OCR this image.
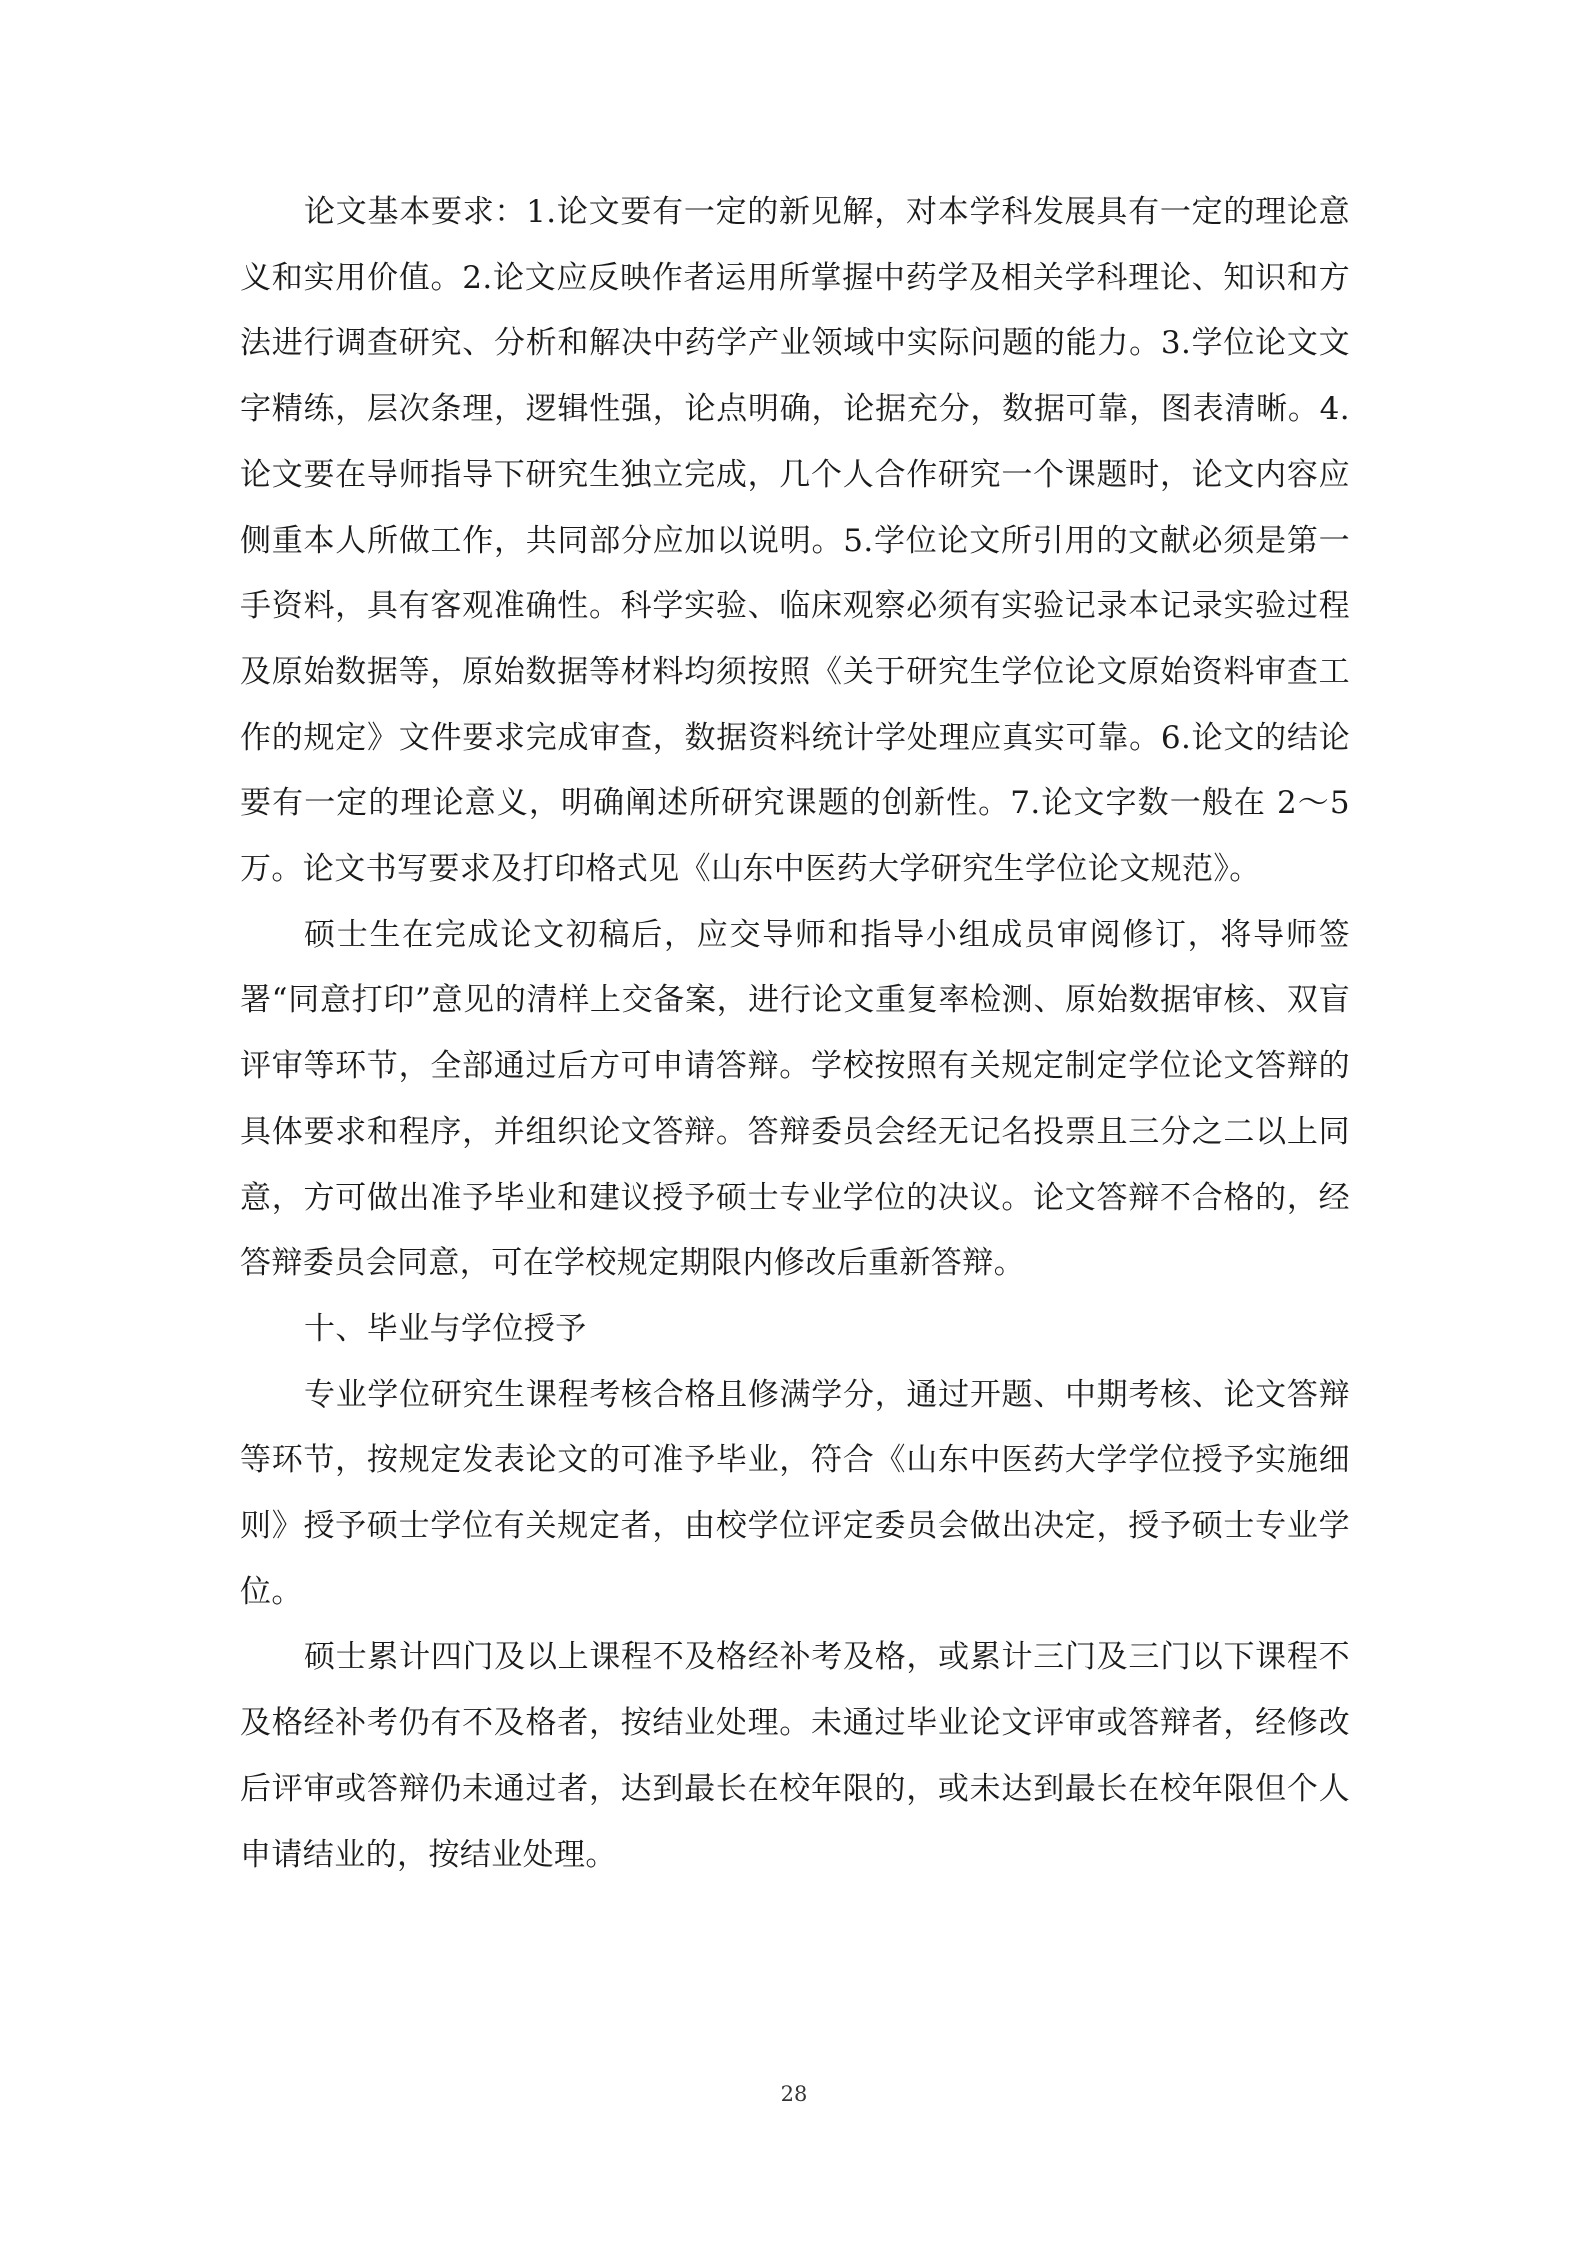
论文基本要求：1.论文要有一定的新见解，对本学科发展具有一定的理论意义和实用价值。2.论文应反映作者运用所掌握中药学及相关学科理论、知识和方法进行调查研究、分析和解决中药学产业领域中实际问题的能力。3.学位论文文字精练，层次条理，逻辑性强，论点明确，论据充分，数据可靠，图表清晰。4.论文要在导师指导下研究生独立完成，几个人合作研究一个课题时，论文内容应侧重本人所做工作，共同部分应加以说明。5.学位论文所引用的文献必须是第一手资料，具有客观准确性。科学实验、临床观察必须有实验记录本记录实验过程及原始数据等，原始数据等材料均须按照《关于研究生学位论文原始资料审查工作的规定》文件要求完成审查，数据资料统计学处理应真实可靠。6.论文的结论要有一定的理论意义，明确阐述所研究课题的创新性。7.论文字数一般在 2～5 万。论文书写要求及打印格式见《山东中医药大学研究生学位论文规范》。

硕士生在完成论文初稿后，应交导师和指导小组成员审阅修订，将导师签署“同意打印”意见的清样上交备案，进行论文重复率检测、原始数据审核、双盲评审等环节，全部通过后方可申请答辩。学校按照有关规定制定学位论文答辩的具体要求和程序，并组织论文答辩。答辩委员会经无记名投票且三分之二以上同意，方可做出准予毕业和建议授予硕士专业学位的决议。论文答辩不合格的，经答辩委员会同意，可在学校规定期限内修改后重新答辩。

十、毕业与学位授予

专业学位研究生课程考核合格且修满学分，通过开题、中期考核、论文答辩等环节，按规定发表论文的可准予毕业，符合《山东中医药大学学位授予实施细则》授予硕士学位有关规定者，由校学位评定委员会做出决定，授予硕士专业学位。

硕士累计四门及以上课程不及格经补考及格，或累计三门及三门以下课程不及格经补考仍有不及格者，按结业处理。未通过毕业论文评审或答辩者，经修改后评审或答辩仍未通过者，达到最长在校年限的，或未达到最长在校年限但个人申请结业的，按结业处理。

28
